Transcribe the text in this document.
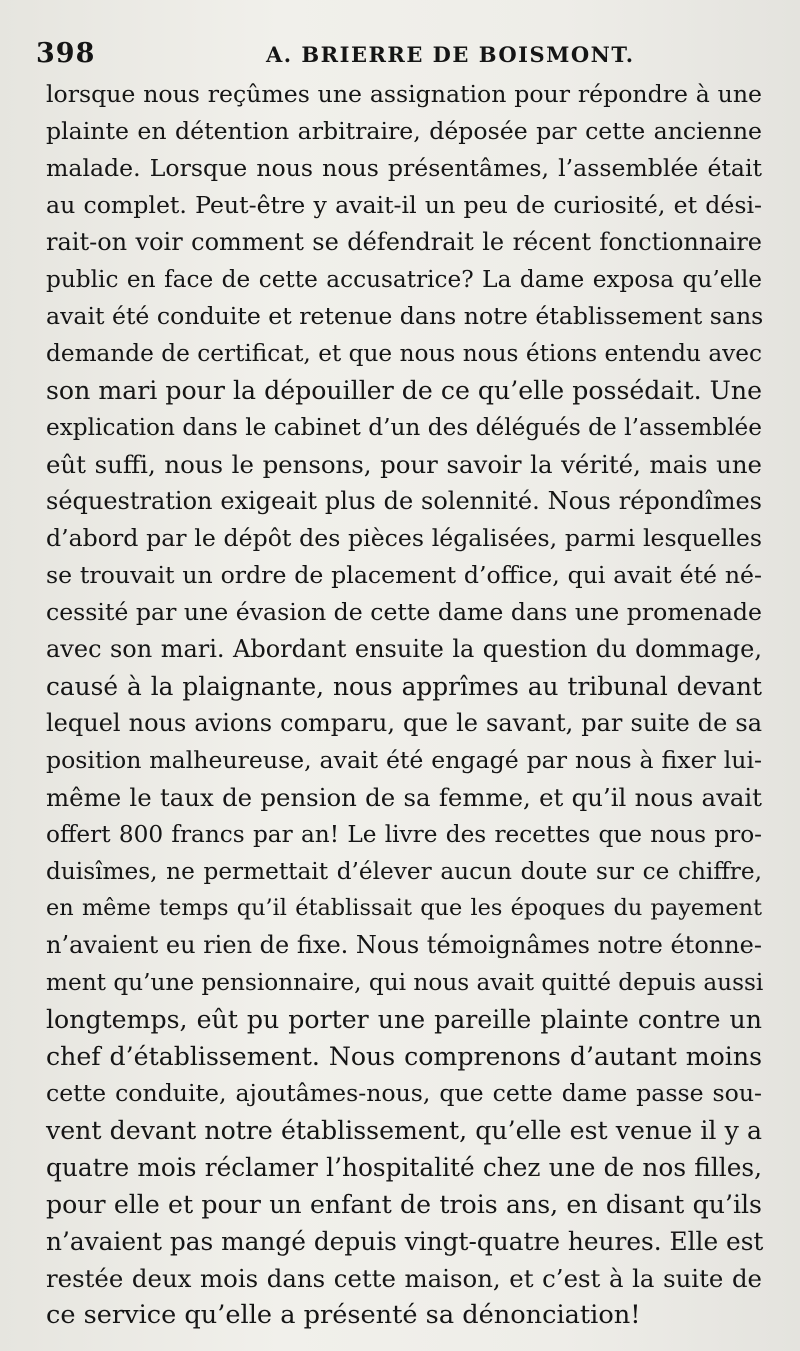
398	A. BRIERRE DE BOISMONT.
lorsque nous reçûmes une assignation pour répondre à une
plainte en détention arbitraire, déposée par cette ancienne
malade. Lorsque nous nous présentâmes, l’assemblée était
au complet. Peut-être y avait-il un peu de curiosité, et dési-
rait-on voir comment se défendrait le récent fonctionnaire
public en face de cette accusatrice? La dame exposa qu’elle
avait été conduite et retenue dans notre établissement sans
demande de certificat, et que nous nous étions entendu avec
son mari pour la dépouiller de ce qu’elle possédait. Une
explication dans le cabinet d’un des délégués de l’assemblée
eût suffi, nous le pensons, pour savoir la vérité, mais une
séquestration exigeait plus de solennité. Nous répondîmes
d’abord par le dépôt des pièces légalisées, parmi lesquelles
se trouvait un ordre de placement d’office, qui avait été né-
cessité par une évasion de cette dame dans une promenade
avec son mari. Abordant ensuite la question du dommage,
causé à la plaignante, nous apprîmes au tribunal devant
lequel nous avions comparu, que le savant, par suite de sa
position malheureuse, avait été engagé par nous à fixer lui-
même le taux de pension de sa femme, et qu’il nous avait
offert 800 francs par an! Le livre des recettes que nous pro-
duisîmes, ne permettait d’élever aucun doute sur ce chiffre,
en même temps qu’il établissait que les époques du payement
n’avaient eu rien de fixe. Nous témoignâmes notre étonne-
ment qu’une pensionnaire, qui nous avait quitté depuis aussi
longtemps, eût pu porter une pareille plainte contre un
chef d’établissement. Nous comprenons d’autant moins
cette conduite, ajoutâmes-nous, que cette dame passe sou-
vent devant notre établissement, qu’elle est venue il y a
quatre mois réclamer l’hospitalité chez une de nos filles,
pour elle et pour un enfant de trois ans, en disant qu’ils
n’avaient pas mangé depuis vingt-quatre heures. Elle est
restée deux mois dans cette maison, et c’est à la suite de
ce service qu’elle a présenté sa dénonciation!
